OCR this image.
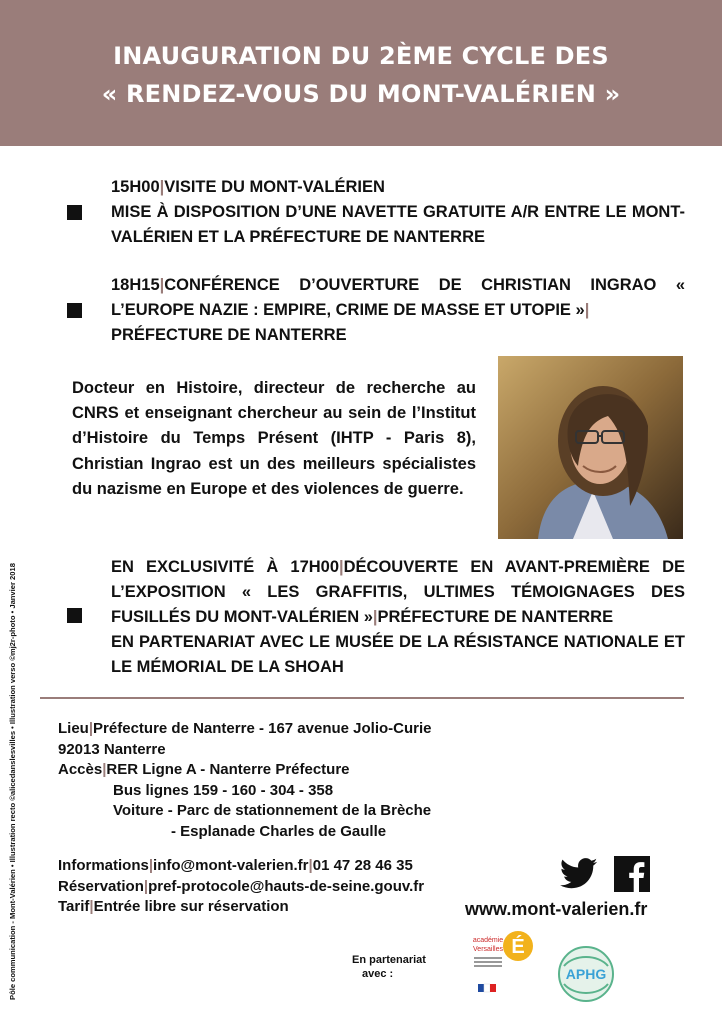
INAUGURATION DU 2ÈME CYCLE DES
« RENDEZ-VOUS DU MONT-VALÉRIEN »
15H00|VISITE DU MONT-VALÉRIEN
MISE À DISPOSITION D’UNE NAVETTE GRATUITE A/R ENTRE LE MONT-VALÉRIEN ET LA PRÉFECTURE DE NANTERRE
18H15|CONFÉRENCE D’OUVERTURE DE CHRISTIAN INGRAO « L’EUROPE NAZIE : EMPIRE, CRIME DE MASSE ET UTOPIE »|
PRÉFECTURE DE NANTERRE
Docteur en Histoire, directeur de recherche au CNRS et enseignant chercheur au sein de l’Institut d’Histoire du Temps Présent (IHTP - Paris 8), Christian Ingrao est un des meilleurs spécialistes du nazisme en Europe et des violences de guerre.
EN EXCLUSIVITÉ À 17H00|DÉCOUVERTE EN AVANT-PREMIÈRE DE L’EXPOSITION « LES GRAFFITIS, ULTIMES TÉMOIGNAGES DES FUSILLÉS DU MONT-VALÉRIEN »|PRÉFECTURE DE NANTERRE
EN PARTENARIAT AVEC LE MUSÉE DE LA RÉSISTANCE NATIONALE ET LE MÉMORIAL DE LA SHOAH
Lieu|Préfecture de Nanterre - 167 avenue Jolio-Curie
92013 Nanterre
Accès|RER Ligne A - Nanterre Préfecture
Bus lignes 159 - 160 - 304 - 358
Voiture - Parc de stationnement de la Brèche
- Esplanade Charles de Gaulle
Informations|info@mont-valerien.fr|01 47 28 46 35
Réservation|pref-protocole@hauts-de-seine.gouv.fr
Tarif|Entrée libre sur réservation	www.mont-valerien.fr
En partenariat
avec :
É
académie
Versailles
APHG
Pôle communication - Mont-Valérien • Illustration recto ©alicedanslesvilles • Illustration verso ©mj2r-photo • Janvier 2018
